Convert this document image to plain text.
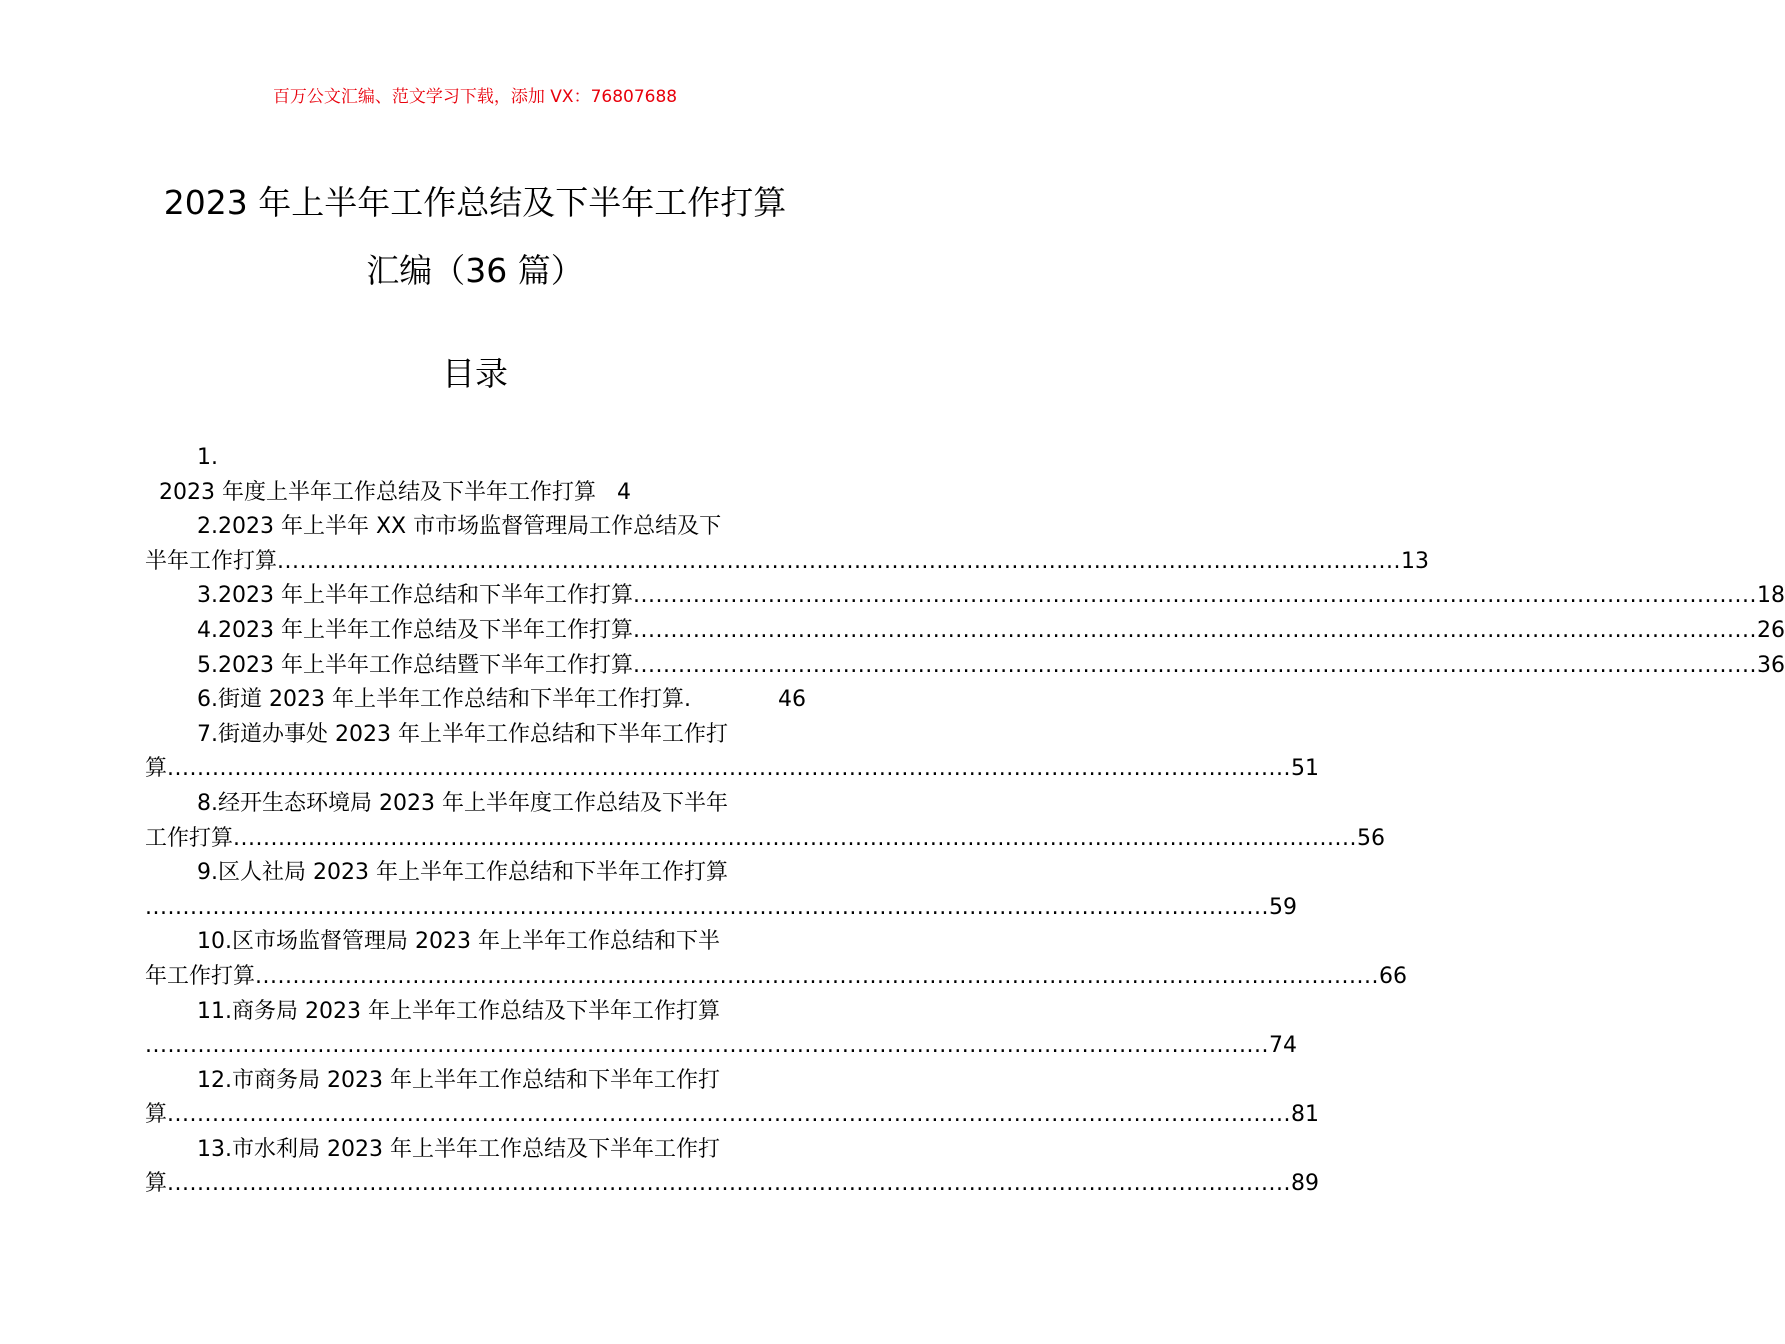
百万公文汇编、范文学习下载，添加 VX：76807688
2023 年上半年工作总结及下半年工作打算
汇编（36 篇）
目录
1.
2023 年度上半年工作总结及下半年工作打算 4
2.2023 年上半年 XX 市市场监督管理局工作总结及下
半年工作打算 ...................................................................................................................................................... 13
3.2023 年上半年工作总结和下半年工作打算 ...................................................................................................................................................... 18
4.2023 年上半年工作总结及下半年工作打算 ...................................................................................................................................................... 26
5.2023 年上半年工作总结暨下半年工作打算 ...................................................................................................................................................... 36
6.街道 2023 年上半年工作总结和下半年工作打算.	46
7.街道办事处 2023 年上半年工作总结和下半年工作打
算 ...................................................................................................................................................... 51
8.经开生态环境局 2023 年上半年度工作总结及下半年
工作打算 ...................................................................................................................................................... 56
9.区人社局 2023 年上半年工作总结和下半年工作打算
...................................................................................................................................................... 59
10.区市场监督管理局 2023 年上半年工作总结和下半
年工作打算 ...................................................................................................................................................... 66
11.商务局 2023 年上半年工作总结及下半年工作打算
...................................................................................................................................................... 74
12.市商务局 2023 年上半年工作总结和下半年工作打
算 ...................................................................................................................................................... 81
13.市水利局 2023 年上半年工作总结及下半年工作打
算 ...................................................................................................................................................... 89
